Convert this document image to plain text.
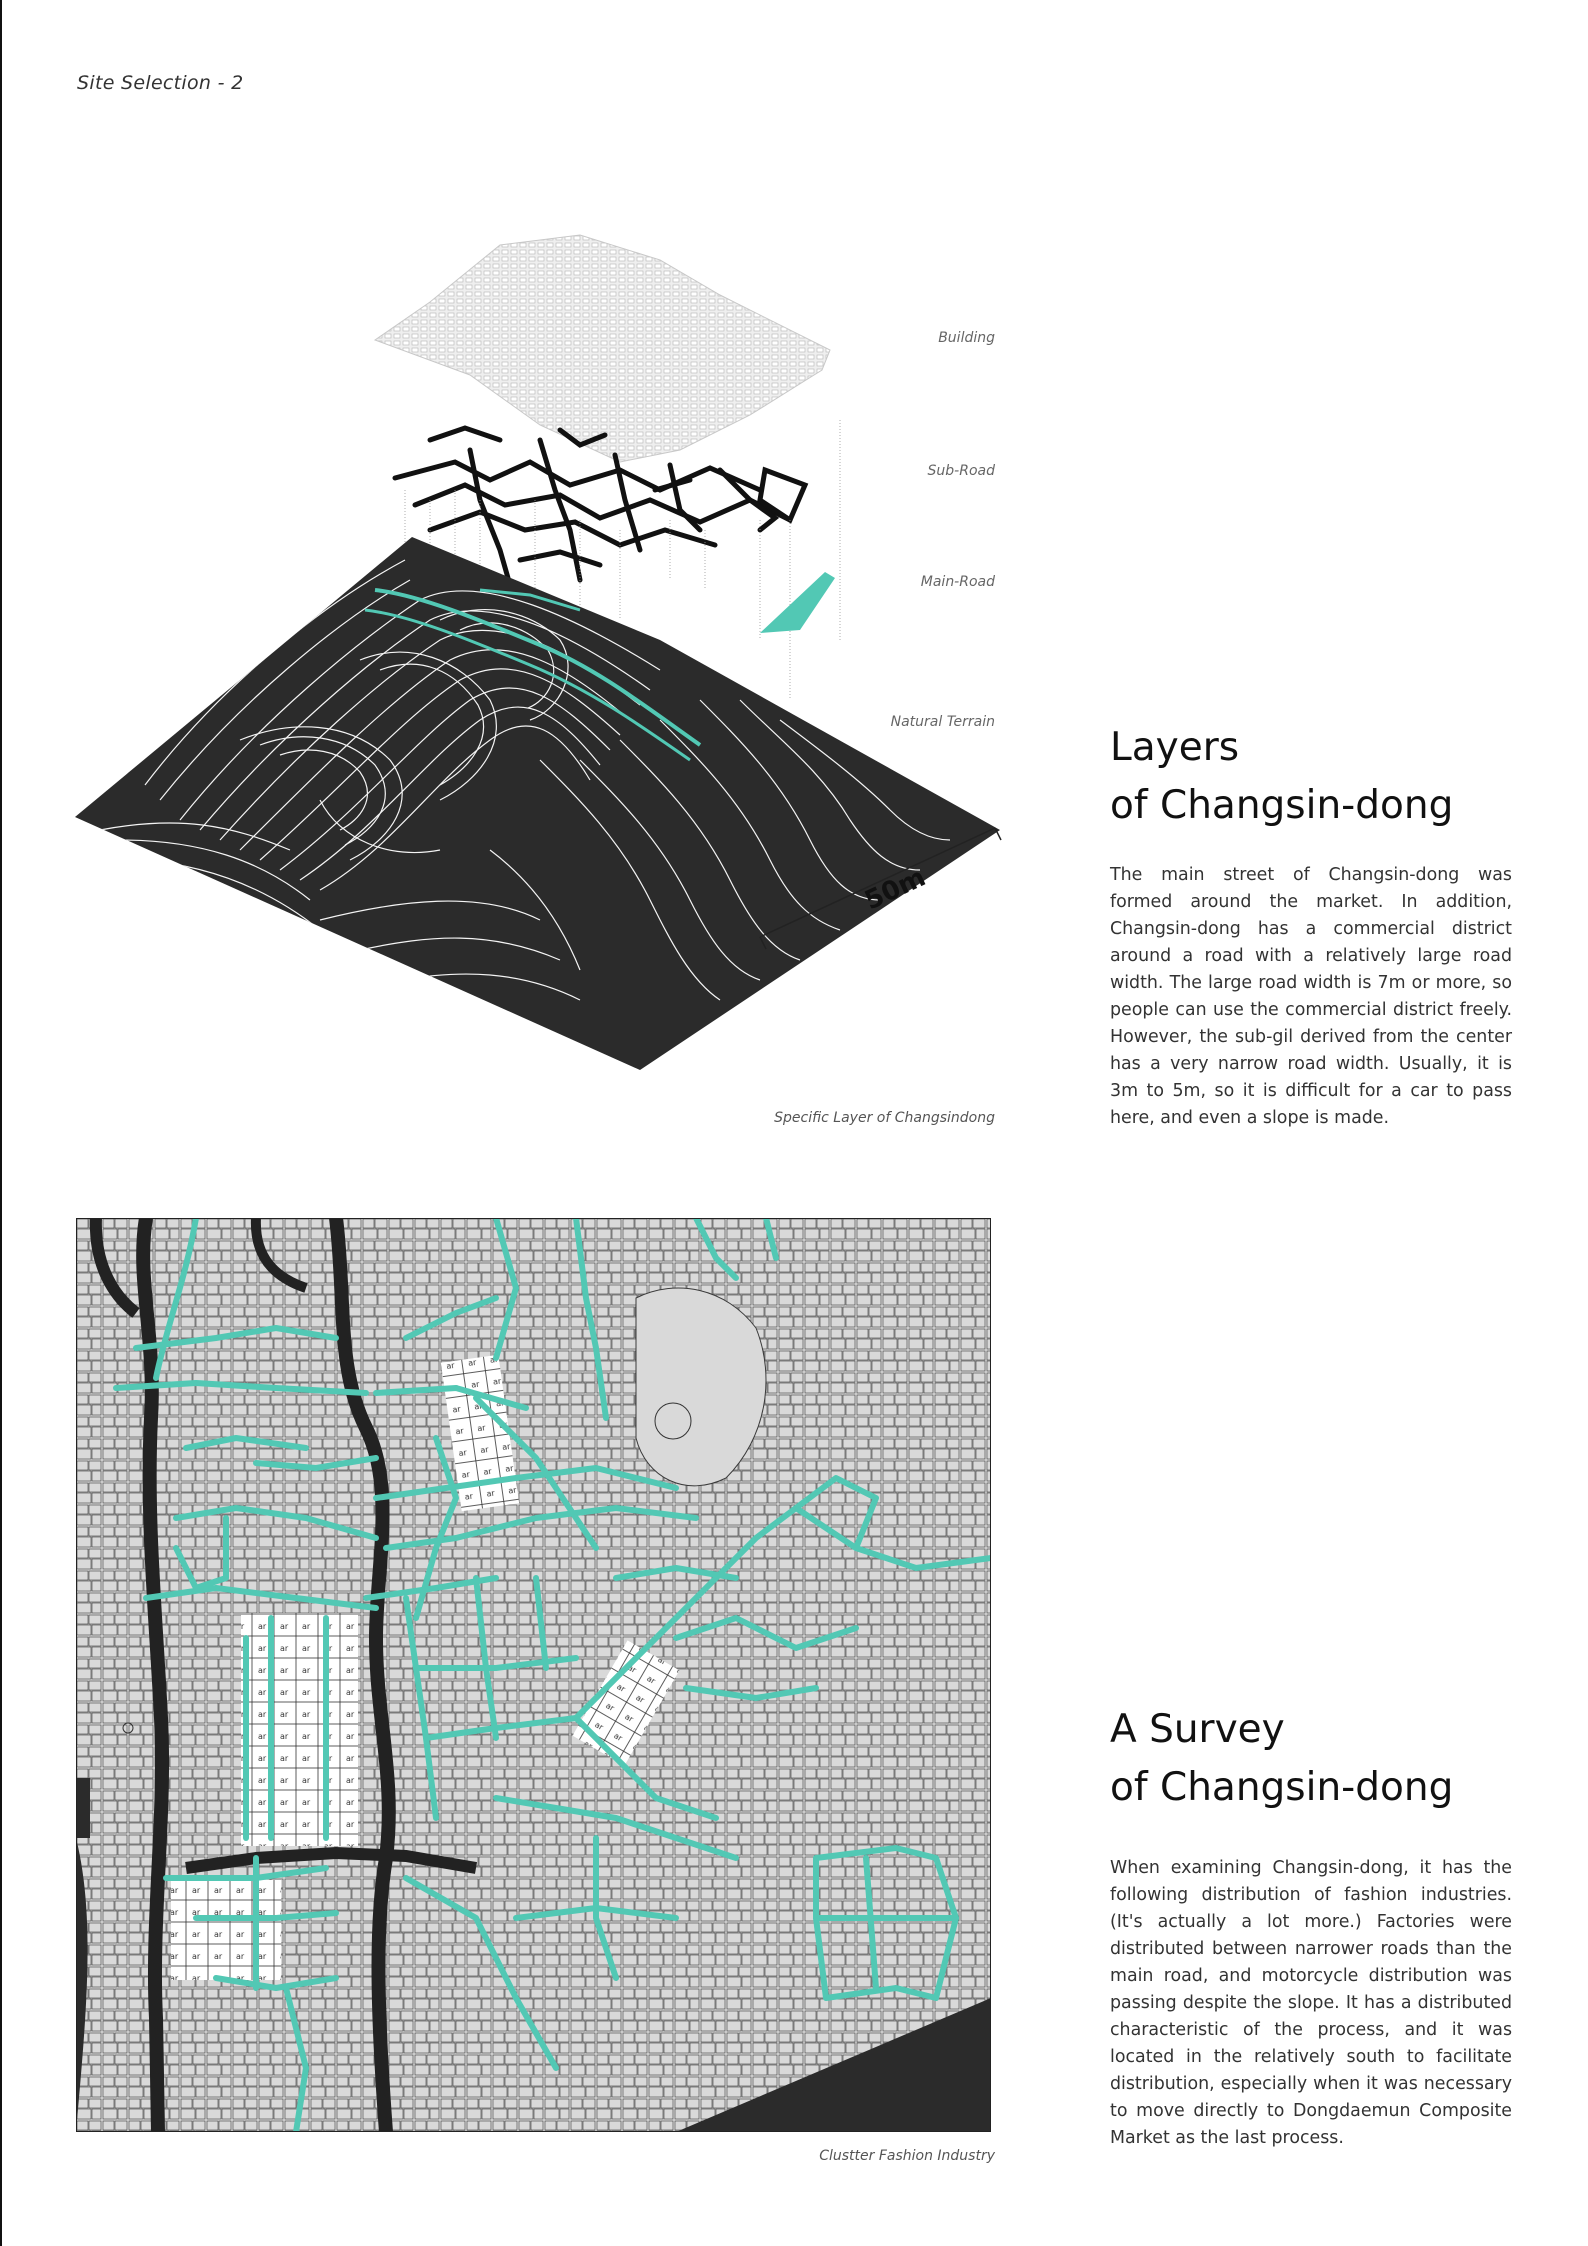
Site Selection - 2
50m
Building
Sub-Road
Main-Road
Natural Terrain
Specific Layer of Changsindong
Layers
of Changsin-dong

The main street of Changsin-dong was formed around the market. In addition, Changsin-dong has a commercial district around a road with a relatively large road width. The large road width is 7m or more, so people can use the commercial district freely. However, the sub-gil derived from the center has a very narrow road width. Usually, it is 3m to 5m, so it is difficult for a car to pass here, and even a slope is made.

Clustter Fashion Industry
A Survey
of Changsin-dong

When examining Changsin-dong, it has the following distribution of fashion industries.(It's actually a lot more.) Factories were distributed between narrower roads than the main road, and motorcycle distribution was passing despite the slope. It has a distributed characteristic of the process, and it was located in the relatively south to facilitate distribution, especially when it was necessary to move directly to Dongdaemun Composite Market as the last process.
